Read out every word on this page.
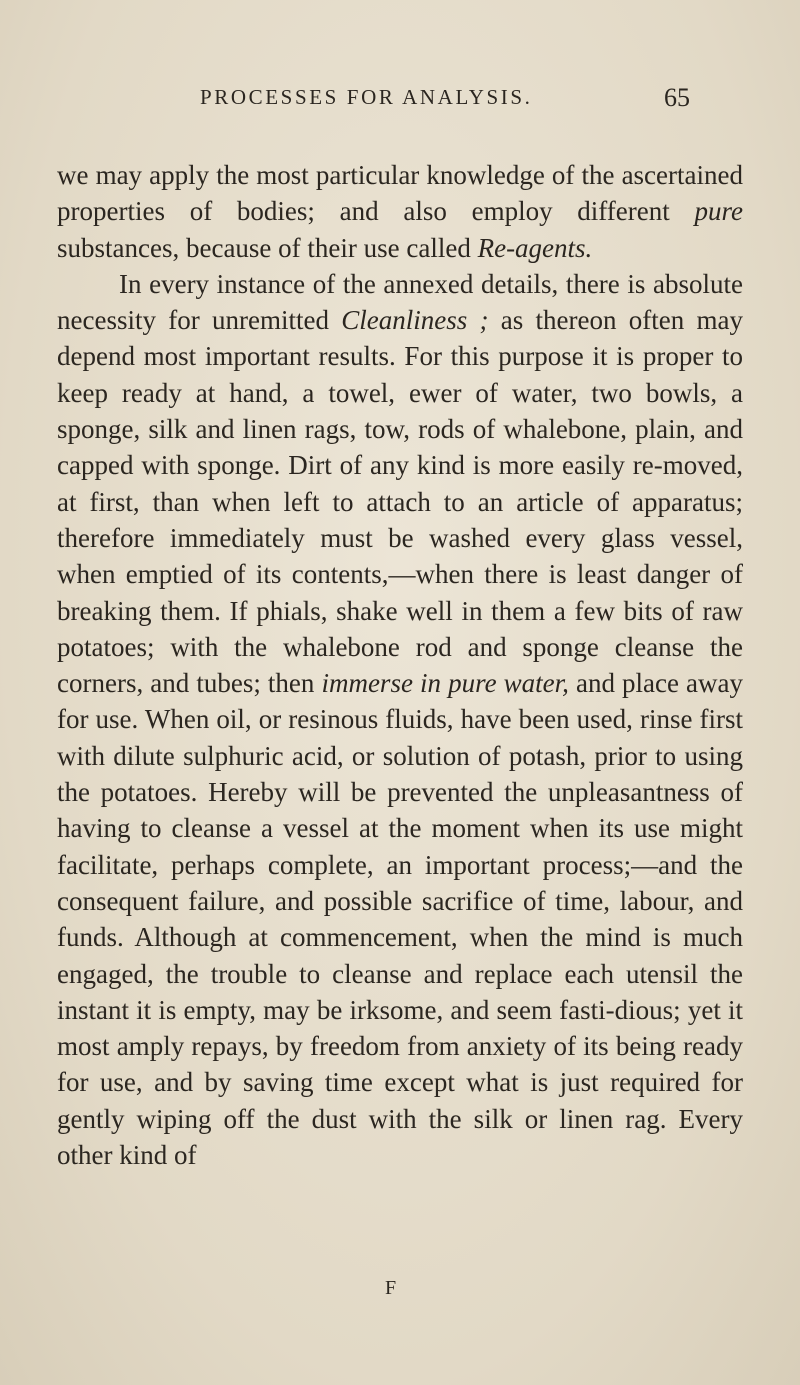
PROCESSES FOR ANALYSIS.	65

we may apply the most particular knowledge of the ascertained properties of bodies; and also employ different pure substances, because of their use called Re-agents.

In every instance of the annexed details, there is absolute necessity for unremitted Cleanliness ; as thereon often may depend most important results. For this purpose it is proper to keep ready at hand, a towel, ewer of water, two bowls, a sponge, silk and linen rags, tow, rods of whalebone, plain, and capped with sponge. Dirt of any kind is more easily re-moved, at first, than when left to attach to an article of apparatus; therefore immediately must be washed every glass vessel, when emptied of its contents,—when there is least danger of breaking them. If phials, shake well in them a few bits of raw potatoes; with the whalebone rod and sponge cleanse the corners, and tubes; then immerse in pure water, and place away for use. When oil, or resinous fluids, have been used, rinse first with dilute sulphuric acid, or solution of potash, prior to using the potatoes. Hereby will be prevented the unpleasantness of having to cleanse a vessel at the moment when its use might facilitate, perhaps complete, an important process;—and the consequent failure, and possible sacrifice of time, labour, and funds. Although at commencement, when the mind is much engaged, the trouble to cleanse and replace each utensil the instant it is empty, may be irksome, and seem fasti-dious; yet it most amply repays, by freedom from anxiety of its being ready for use, and by saving time except what is just required for gently wiping off the dust with the silk or linen rag. Every other kind of

F
